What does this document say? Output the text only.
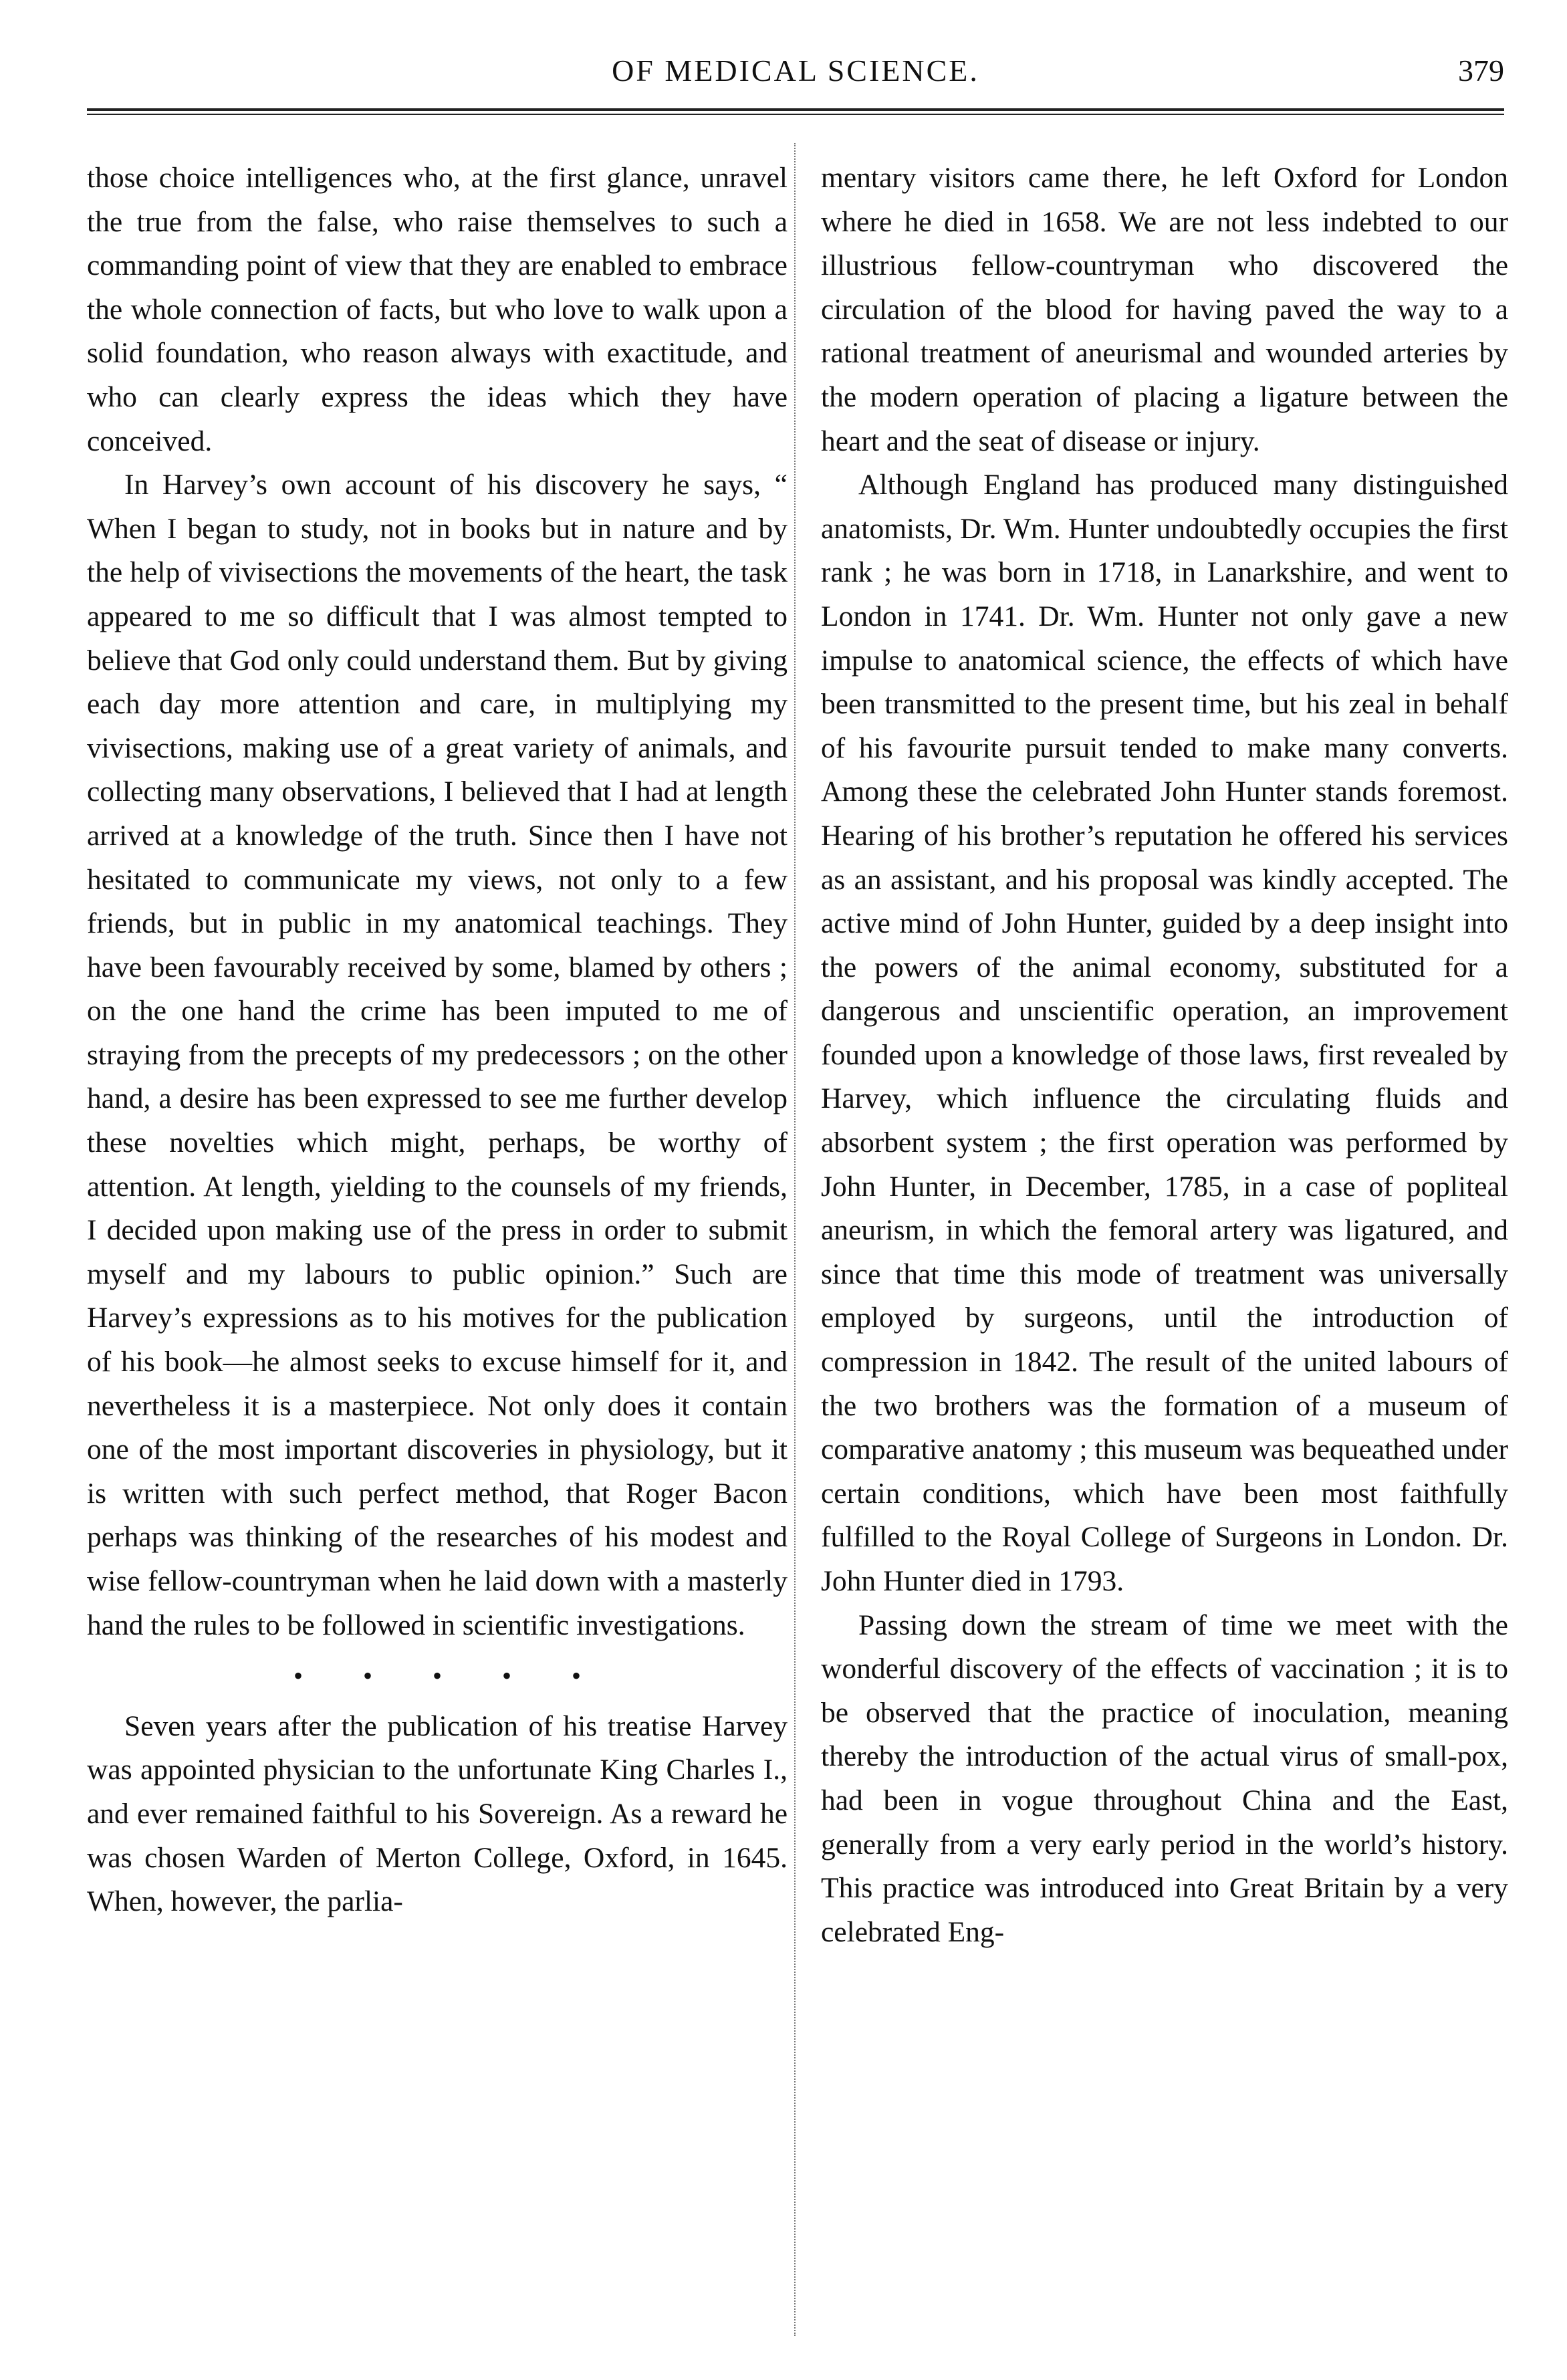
OF MEDICAL SCIENCE.	379

those choice intelligences who, at the first glance, unravel the true from the false, who raise themselves to such a commanding point of view that they are enabled to embrace the whole connection of facts, but who love to walk upon a solid foundation, who reason always with exactitude, and who can clearly express the ideas which they have conceived.

In Harvey’s own account of his discovery he says, “ When I began to study, not in books but in nature and by the help of vivisections the movements of the heart, the task appeared to me so difficult that I was almost tempted to believe that God only could understand them. But by giving each day more attention and care, in multiplying my vivisections, making use of a great variety of animals, and collecting many observations, I believed that I had at length arrived at a knowledge of the truth. Since then I have not hesitated to communicate my views, not only to a few friends, but in public in my anatomical teachings. They have been favourably received by some, blamed by others ; on the one hand the crime has been imputed to me of straying from the precepts of my predecessors ; on the other hand, a desire has been expressed to see me further develop these novelties which might, perhaps, be worthy of attention. At length, yielding to the counsels of my friends, I decided upon making use of the press in order to submit myself and my labours to public opinion.” Such are Harvey’s expressions as to his motives for the publication of his book—he almost seeks to excuse himself for it, and nevertheless it is a masterpiece. Not only does it contain one of the most important discoveries in physiology, but it is written with such perfect method, that Roger Bacon perhaps was thinking of the researches of his modest and wise fellow-countryman when he laid down with a masterly hand the rules to be followed in scientific investigations.

• • • • •

Seven years after the publication of his treatise Harvey was appointed physician to the unfortunate King Charles I., and ever remained faithful to his Sovereign. As a reward he was chosen Warden of Merton College, Oxford, in 1645. When, however, the parlia-

mentary visitors came there, he left Oxford for London where he died in 1658. We are not less indebted to our illustrious fellow-countryman who discovered the circulation of the blood for having paved the way to a rational treatment of aneurismal and wounded arteries by the modern operation of placing a ligature between the heart and the seat of disease or injury.

Although England has produced many distinguished anatomists, Dr. Wm. Hunter undoubtedly occupies the first rank ; he was born in 1718, in Lanarkshire, and went to London in 1741. Dr. Wm. Hunter not only gave a new impulse to anatomical science, the effects of which have been transmitted to the present time, but his zeal in behalf of his favourite pursuit tended to make many converts. Among these the celebrated John Hunter stands foremost. Hearing of his brother’s reputation he offered his services as an assistant, and his proposal was kindly accepted. The active mind of John Hunter, guided by a deep insight into the powers of the animal economy, substituted for a dangerous and unscientific operation, an improvement founded upon a knowledge of those laws, first revealed by Harvey, which influence the circulating fluids and absorbent system ; the first operation was performed by John Hunter, in December, 1785, in a case of popliteal aneurism, in which the femoral artery was ligatured, and since that time this mode of treatment was universally employed by surgeons, until the introduction of compression in 1842. The result of the united labours of the two brothers was the formation of a museum of comparative anatomy ; this museum was bequeathed under certain conditions, which have been most faithfully fulfilled to the Royal College of Surgeons in London. Dr. John Hunter died in 1793.

Passing down the stream of time we meet with the wonderful discovery of the effects of vaccination ; it is to be observed that the practice of inoculation, meaning thereby the introduction of the actual virus of small-pox, had been in vogue throughout China and the East, generally from a very early period in the world’s history. This practice was introduced into Great Britain by a very celebrated Eng-
